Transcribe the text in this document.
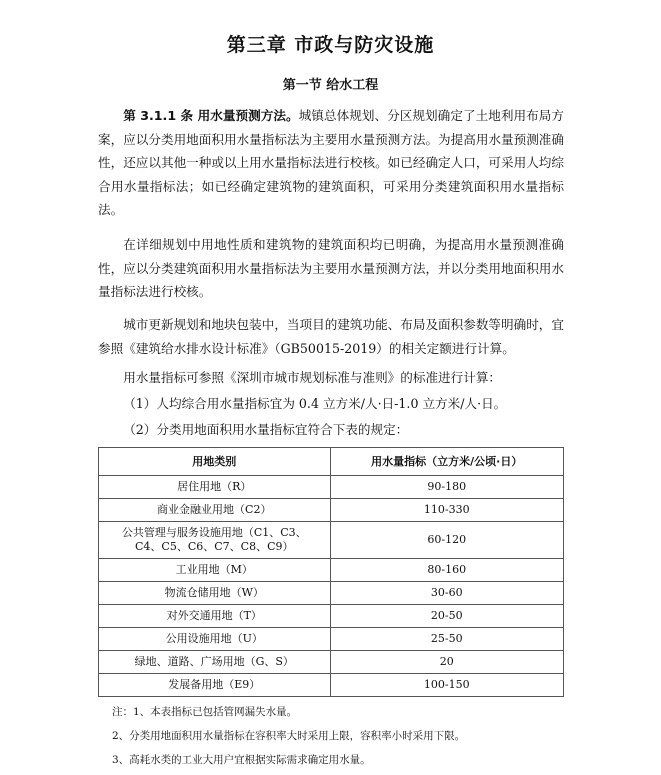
第三章 市政与防灾设施
第一节 给水工程

第 3.1.1 条 用水量预测方法。城镇总体规划、分区规划确定了土地利用布局方案，应以分类用地面积用水量指标法为主要用水量预测方法。为提高用水量预测准确性，还应以其他一种或以上用水量指标法进行校核。如已经确定人口，可采用人均综合用水量指标法；如已经确定建筑物的建筑面积，可采用分类建筑面积用水量指标法。

在详细规划中用地性质和建筑物的建筑面积均已明确，为提高用水量预测准确性，应以分类建筑面积用水量指标法为主要用水量预测方法，并以分类用地面积用水量指标法进行校核。

城市更新规划和地块包装中，当项目的建筑功能、布局及面积参数等明确时，宜参照《建筑给水排水设计标准》（GB50015-2019）的相关定额进行计算。

用水量指标可参照《深圳市城市规划标准与准则》的标准进行计算：

（1）人均综合用水量指标宜为 0.4 立方米/人·日-1.0 立方米/人·日。

（2）分类用地面积用水量指标宜符合下表的规定：

用地类别	用水量指标（立方米/公顷·日）
居住用地（R）	90-180
商业金融业用地（C2）	110-330
公共管理与服务设施用地（C1、C3、
C4、C5、C6、C7、C8、C9）	60-120
工业用地（M）	80-160
物流仓储用地（W）	30-60
对外交通用地（T）	20-50
公用设施用地（U）	25-50
绿地、道路、广场用地（G、S）	20
发展备用地（E9）	100-150
注：1、本表指标已包括管网漏失水量。
2、分类用地面积用水量指标在容积率大时采用上限，容积率小时采用下限。
3、高耗水类的工业大用户宜根据实际需求确定用水量。
